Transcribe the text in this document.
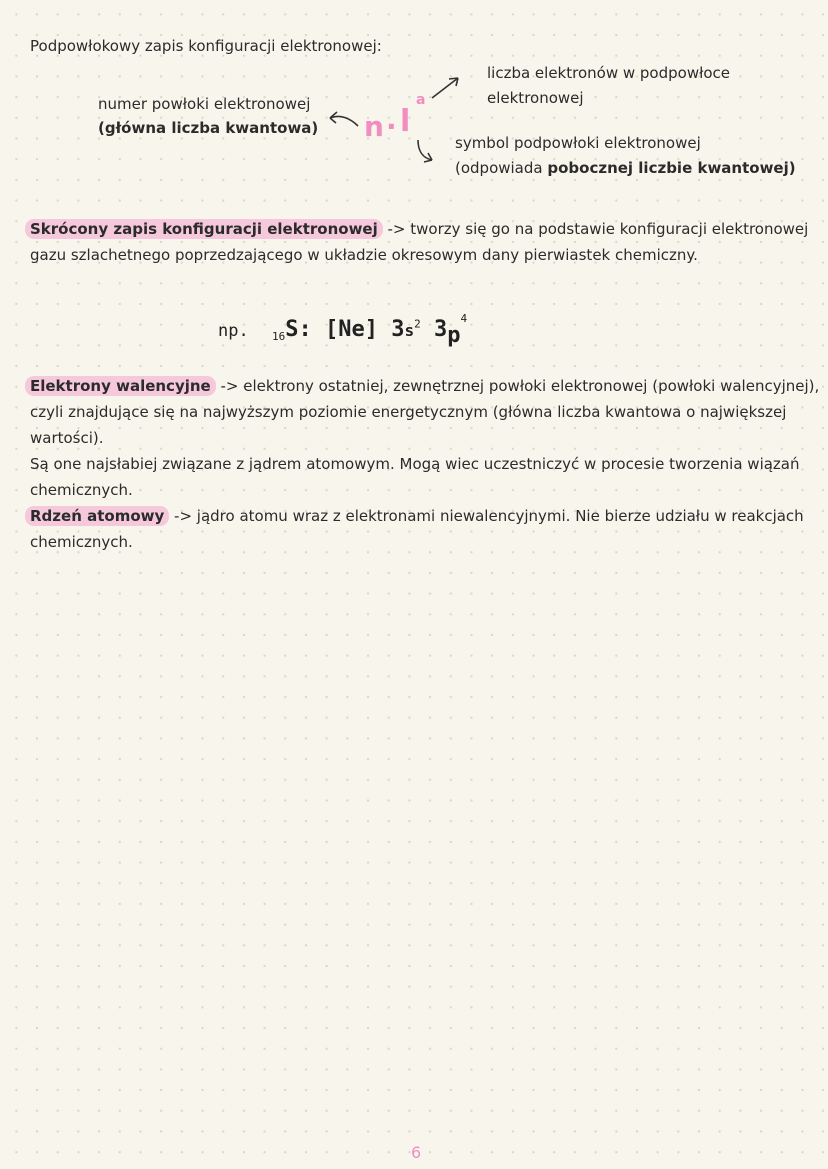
Podpowłokowy zapis konfiguracji elektronowej:
numer powłoki elektronowej
(główna liczba kwantowa) n · l
a
liczba elektronów w podpowłoce
elektronowej
symbol podpowłoki elektronowej
(odpowiada pobocznej liczbie kwantowej)
Skrócony zapis konfiguracji elektronowej -> tworzy się go na podstawie konfiguracji elektronowej gazu szlachetnego poprzedzającego w układzie okresowym dany pierwiastek chemiczny.
np. 16S: [Ne] $3s^2$ $3p^4$
Elektrony walencyjne -> elektrony ostatniej, zewnętrznej powłoki elektronowej (powłoki walencyjnej), czyli znajdujące się na najwyższym poziomie energetycznym (główna liczba kwantowa o największej wartości).
Są one najsłabiej związane z jądrem atomowym. Mogą wiec uczestniczyć w procesie tworzenia wiązań chemicznych.
Rdzeń atomowy -> jądro atomu wraz z elektronami niewalencyjnymi. Nie bierze udziału w reakcjach chemicznych.
6
